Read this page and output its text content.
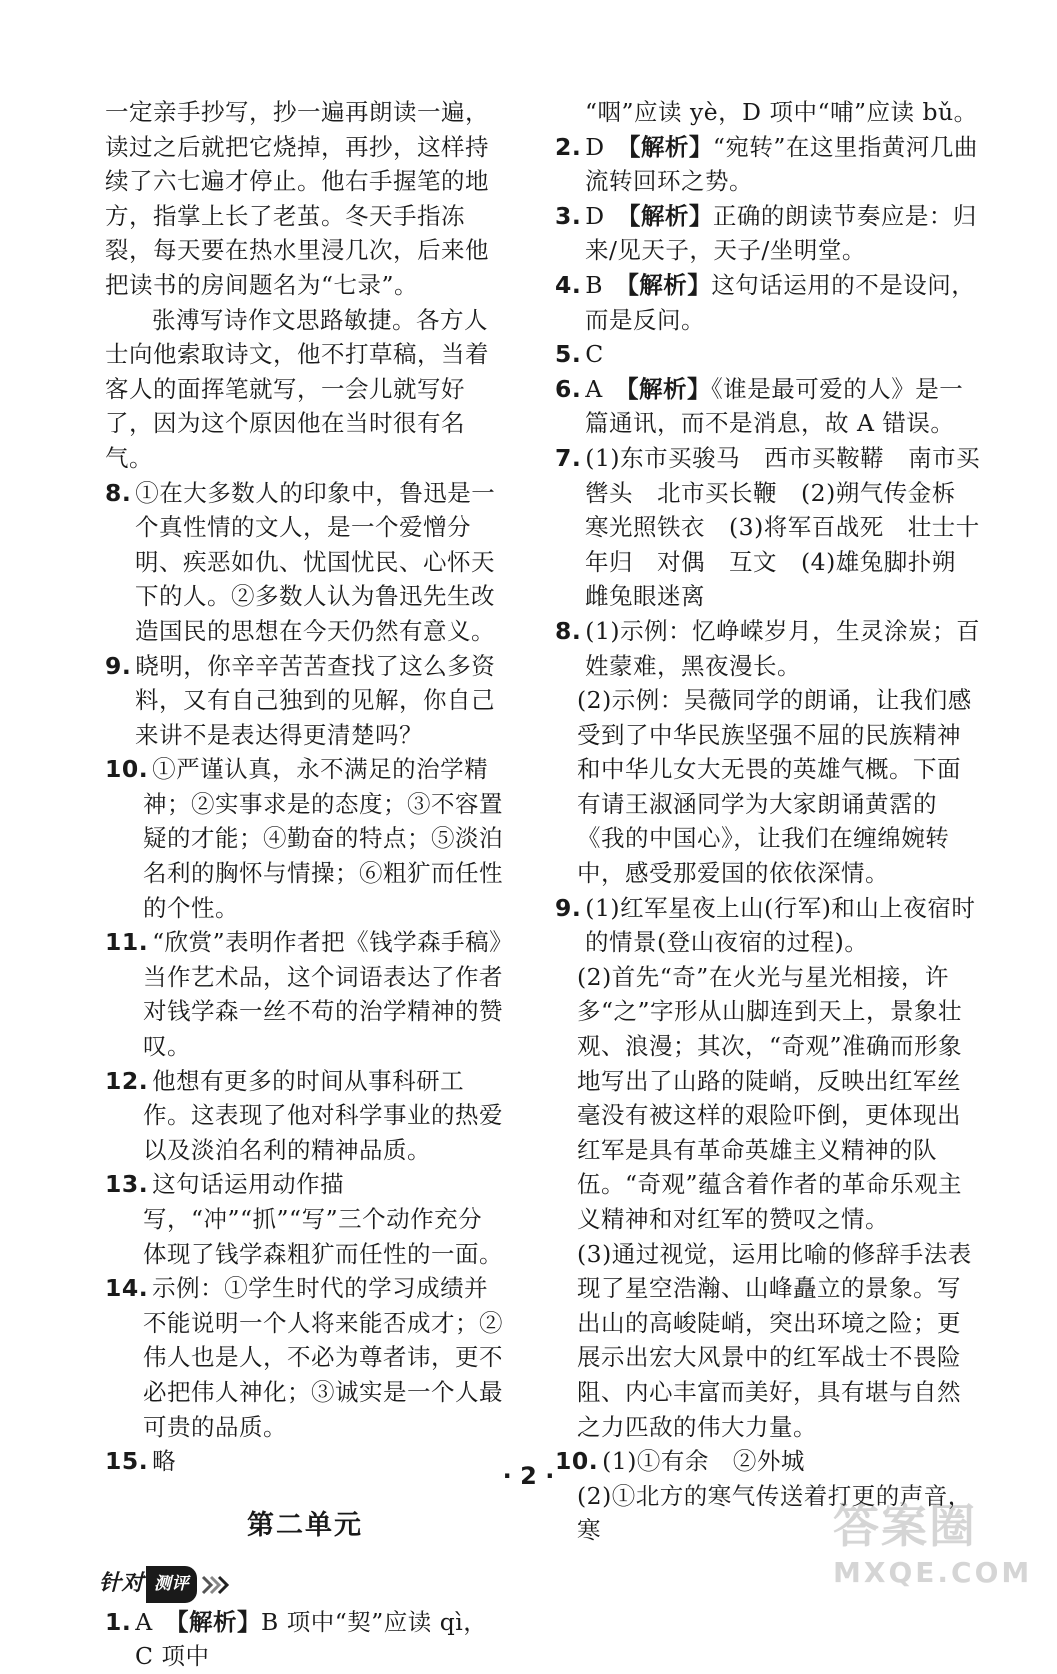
一定亲手抄写，抄一遍再朗读一遍，读过之后就把它烧掉，再抄，这样持续了六七遍才停止。他右手握笔的地方，指掌上长了老茧。冬天手指冻裂，每天要在热水里浸几次，后来他把读书的房间题名为“七录”。

张溥写诗作文思路敏捷。各方人士向他索取诗文，他不打草稿，当着客人的面挥笔就写，一会儿就写好了，因为这个原因他在当时很有名气。

8. ①在大多数人的印象中，鲁迅是一个真性情的文人，是一个爱憎分明、疾恶如仇、忧国忧民、心怀天下的人。②多数人认为鲁迅先生改造国民的思想在今天仍然有意义。
9. 晓明，你辛辛苦苦查找了这么多资料，又有自己独到的见解，你自己来讲不是表达得更清楚吗？
10. ①严谨认真，永不满足的治学精神；②实事求是的态度；③不容置疑的才能；④勤奋的特点；⑤淡泊名利的胸怀与情操；⑥粗犷而任性的个性。
11. “欣赏”表明作者把《钱学森手稿》当作艺术品，这个词语表达了作者对钱学森一丝不苟的治学精神的赞叹。
12. 他想有更多的时间从事科研工作。这表现了他对科学事业的热爱以及淡泊名利的精神品质。
13. 这句话运用动作描写，“冲”“抓”“写”三个动作充分体现了钱学森粗犷而任性的一面。
14. 示例：①学生时代的学习成绩并不能说明一个人将来能否成才；②伟人也是人，不必为尊者讳，更不必把伟人神化；③诚实是一个人最可贵的品质。
15. 略
第二单元
针对 测评
1. A　 【解析】B 项中“契”应读 qì，C 项中

“咽”应读 yè，D 项中“哺”应读 bǔ。

2. D　 【解析】“宛转”在这里指黄河几曲流转回环之势。
3. D　 【解析】正确的朗读节奏应是：归来/见天子，天子/坐明堂。
4. B　 【解析】这句话运用的不是设问，而是反问。
5. C
6. A　 【解析】《谁是最可爱的人》是一篇通讯，而不是消息，故 A 错误。
7. (1)东市买骏马　西市买鞍鞯　南市买辔头　北市买长鞭　(2)朔气传金柝　寒光照铁衣　(3)将军百战死　壮士十年归　对偶　互文　(4)雄兔脚扑朔　雌兔眼迷离
8. (1)示例：忆峥嵘岁月，生灵涂炭；百姓蒙难，黑夜漫长。

(2)示例：吴薇同学的朗诵，让我们感受到了中华民族坚强不屈的民族精神和中华儿女大无畏的英雄气概。下面有请王淑涵同学为大家朗诵黄霑的《我的中国心》，让我们在缠绵婉转中，感受那爱国的依依深情。

9. (1)红军星夜上山(行军)和山上夜宿时的情景(登山夜宿的过程)。

(2)首先“奇”在火光与星光相接，许多“之”字形从山脚连到天上，景象壮观、浪漫；其次，“奇观”准确而形象地写出了山路的陡峭，反映出红军丝毫没有被这样的艰险吓倒，更体现出红军是具有革命英雄主义精神的队伍。“奇观”蕴含着作者的革命乐观主义精神和对红军的赞叹之情。

(3)通过视觉，运用比喻的修辞手法表现了星空浩瀚、山峰矗立的景象。写出山的高峻陡峭，突出环境之险；更展示出宏大风景中的红军战士不畏险阻、内心丰富而美好，具有堪与自然之力匹敌的伟大力量。

10. (1)①有余　②外城

(2)①北方的寒气传送着打更的声音，寒

· 2 ·
答案圈
MXQE.COM
